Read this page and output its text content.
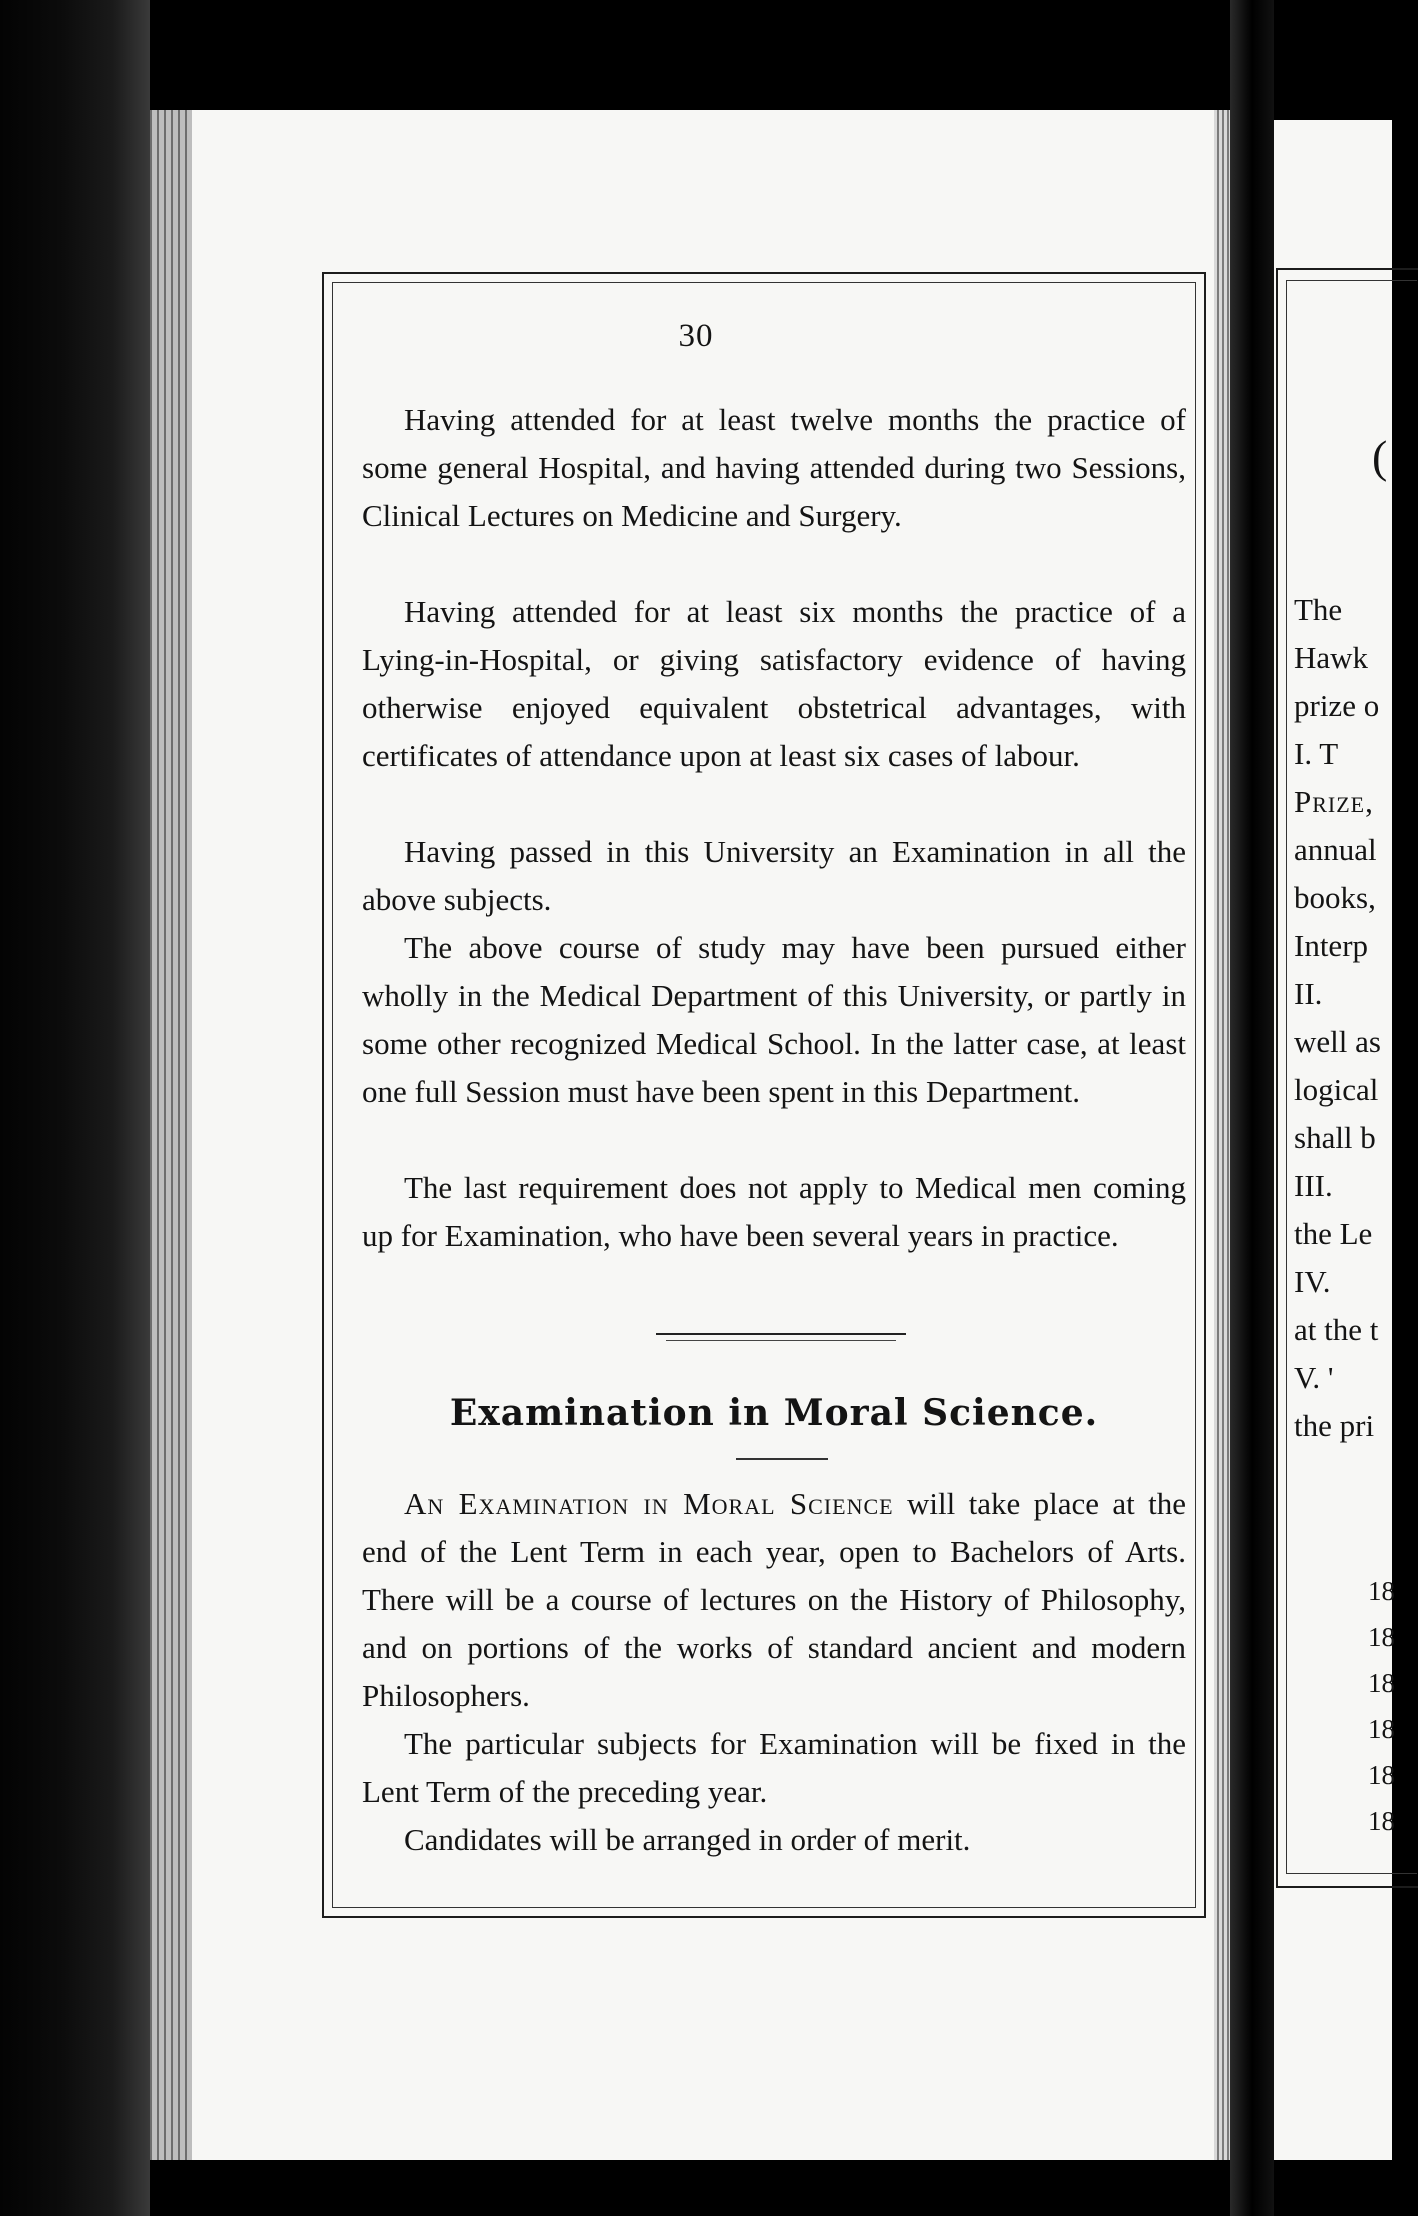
30

Having attended for at least twelve months the practice of some general Hospital, and having attended during two Sessions, Clinical Lectures on Medicine and Surgery.

Having attended for at least six months the practice of a Lying-in-Hospital, or giving satisfactory evidence of having otherwise enjoyed equivalent obstetrical advantages, with certificates of attendance upon at least six cases of labour.

Having passed in this University an Examination in all the above subjects.

The above course of study may have been pursued either wholly in the Medical Department of this University, or partly in some other recognized Medical School. In the latter case, at least one full Session must have been spent in this Department.

The last requirement does not apply to Medical men coming up for Examination, who have been several years in practice.

Examination in Moral Science.

An Examination in Moral Science will take place at the end of the Lent Term in each year, open to Bachelors of Arts. There will be a course of lectures on the History of Philosophy, and on portions of the works of standard ancient and modern Philosophers.

The particular subjects for Examination will be fixed in the Lent Term of the preceding year.

Candidates will be arranged in order of merit.

(
The
Hawk
prize o
I. T
Prize,
annual
books,
Interp
II.
well as
logical
shall b
III.
the Le
IV.
at the t
V. '
the pri
18
18
18
18
18
18
